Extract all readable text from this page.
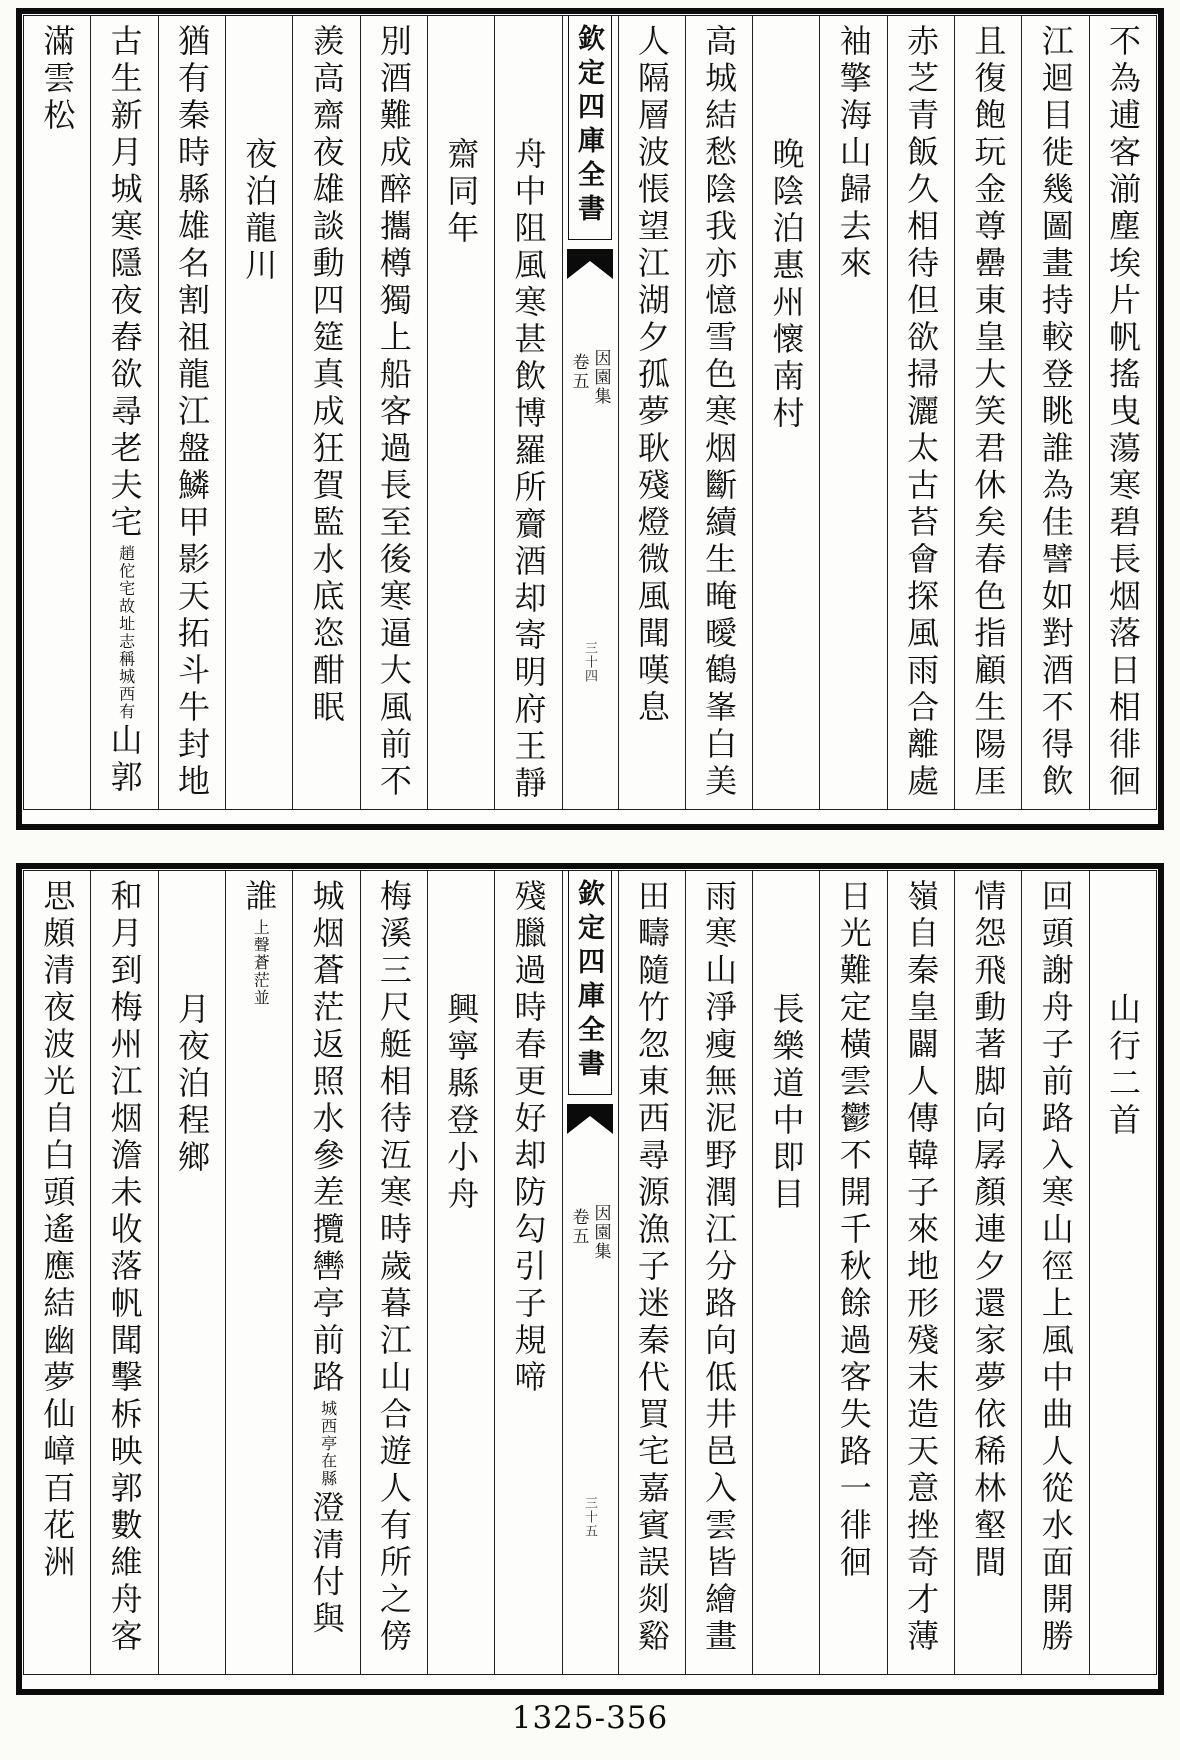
不為逋客湔塵埃片帆搖曳蕩寒碧長烟落日相徘徊
江迴目徙幾圖畫持較登眺誰為佳譬如對酒不得飲
且復飽玩金尊罍東皇大笑君休矣春色指顧生陽厓
赤芝青飯久相待但欲掃灑太古苔會探風雨合離處
袖擎海山歸去來
晚陰泊惠州懷南村
高城結愁陰我亦憶雪色寒烟斷續生晻曖鶴峯白美
人隔層波悵望江湖夕孤夢耿殘燈微風聞嘆息
欽定四庫全書
因園集
卷五
三十四
舟中阻風寒甚飲博羅所齎酒却寄明府王靜
齋同年
別酒難成醉攜樽獨上船客過長至後寒逼大風前不
羨高齋夜雄談動四筵真成狂賀監水底恣酣眠
夜泊龍川
猶有秦時縣雄名割祖龍江盤鱗甲影天拓斗牛封地
古生新月城寒隱夜舂欲尋老夫宅
志稱城西有
趙佗宅故址
山郭
滿雲松
山行二首
回頭謝舟子前路入寒山徑上風中曲人從水面開勝
情怨飛動著脚向孱顏連夕還家夢依稀林壑間
嶺自秦皇闢人傳韓子來地形殘末造天意挫奇才薄
日光難定橫雲鬱不開千秋餘過客失路一徘徊
長樂道中即目
雨寒山淨瘦無泥野潤江分路向低井邑入雲皆繪畫
田疇隨竹忽東西尋源漁子迷秦代買宅嘉賓誤剡谿
欽定四庫全書
因園集
卷五
三十五
殘臘過時春更好却防勾引子規啼
興寧縣登小舟
梅溪三尺艇相待沍寒時歲暮江山合遊人有所之傍
城烟蒼茫返照水參差攬轡亭前路
亭在縣
城西
澄清付與
誰
蒼茫並
上聲
月夜泊程鄉
和月到梅州江烟澹未收落帆聞擊柝映郭數維舟客
思頗清夜波光自白頭遙應結幽夢仙嶂百花洲
1325-356
